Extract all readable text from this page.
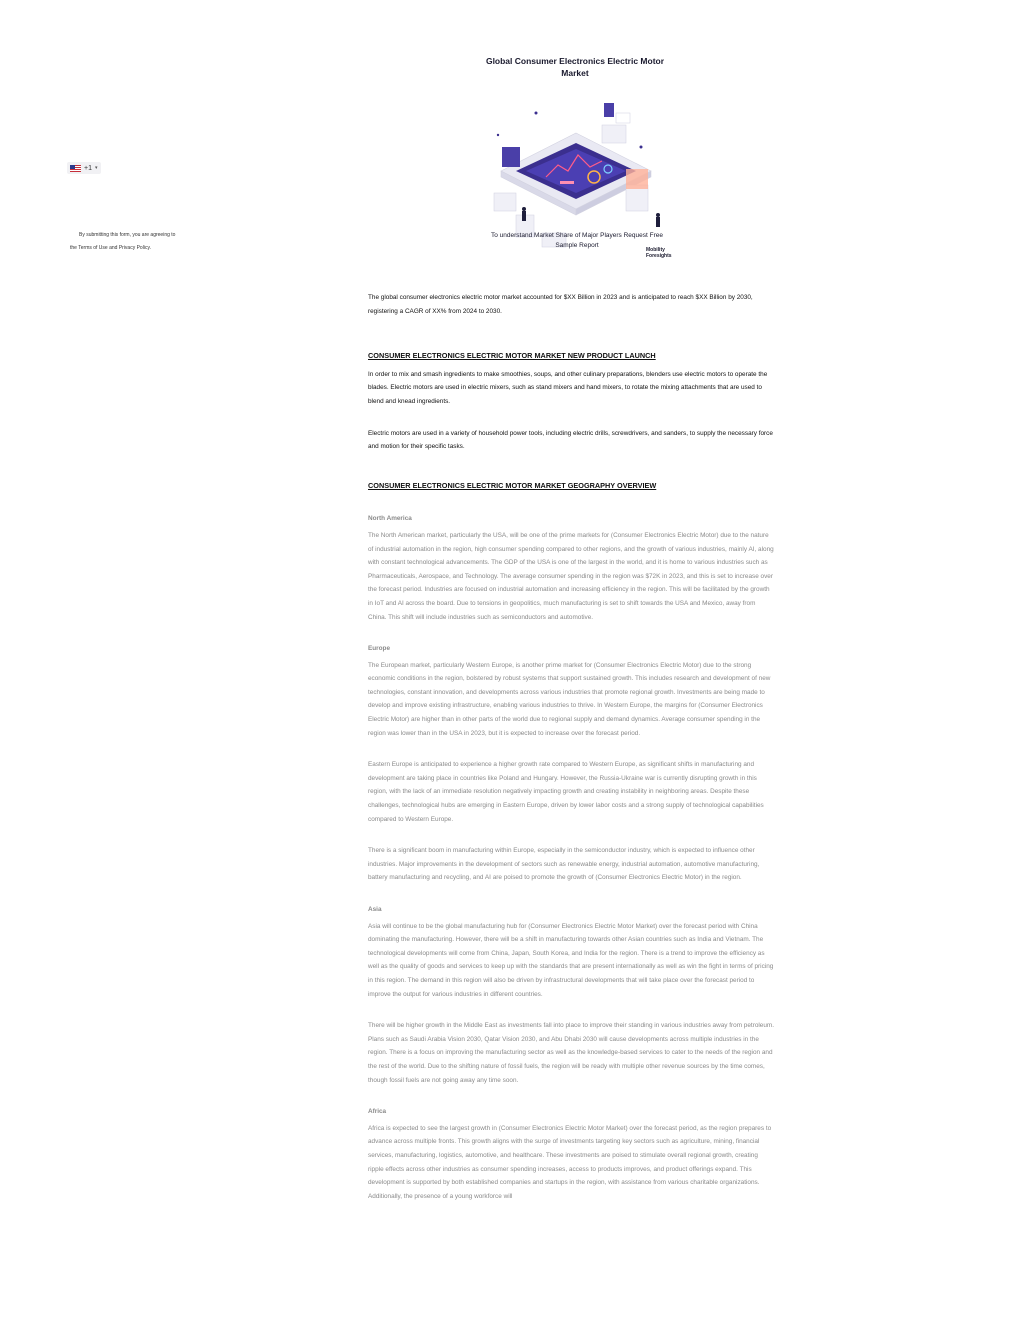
+1 ▾
By submitting this form, you are agreeing to
the Terms of Use and Privacy Policy.

Global Consumer Electronics Electric Motor
Market

To understand Market Share of Major Players Request Free
Sample Report
Mobility
Foresights

The global consumer electronics electric motor market accounted for $XX Billion in 2023 and is anticipated to reach $XX Billion by 2030, registering a CAGR of XX% from 2024 to 2030.

CONSUMER ELECTRONICS ELECTRIC MOTOR MARKET NEW PRODUCT LAUNCH

In order to mix and smash ingredients to make smoothies, soups, and other culinary preparations, blenders use electric motors to operate the blades. Electric motors are used in electric mixers, such as stand mixers and hand mixers, to rotate the mixing attachments that are used to blend and knead ingredients.

Electric motors are used in a variety of household power tools, including electric drills, screwdrivers, and sanders, to supply the necessary force and motion for their specific tasks.

CONSUMER ELECTRONICS ELECTRIC MOTOR MARKET GEOGRAPHY OVERVIEW

North America

The North American market, particularly the USA, will be one of the prime markets for (Consumer Electronics Electric Motor) due to the nature of industrial automation in the region, high consumer spending compared to other regions, and the growth of various industries, mainly AI, along with constant technological advancements. The GDP of the USA is one of the largest in the world, and it is home to various industries such as Pharmaceuticals, Aerospace, and Technology. The average consumer spending in the region was $72K in 2023, and this is set to increase over the forecast period. Industries are focused on industrial automation and increasing efficiency in the region. This will be facilitated by the growth in IoT and AI across the board. Due to tensions in geopolitics, much manufacturing is set to shift towards the USA and Mexico, away from China. This shift will include industries such as semiconductors and automotive.

Europe

The European market, particularly Western Europe, is another prime market for (Consumer Electronics Electric Motor) due to the strong economic conditions in the region, bolstered by robust systems that support sustained growth. This includes research and development of new technologies, constant innovation, and developments across various industries that promote regional growth. Investments are being made to develop and improve existing infrastructure, enabling various industries to thrive. In Western Europe, the margins for (Consumer Electronics Electric Motor) are higher than in other parts of the world due to regional supply and demand dynamics. Average consumer spending in the region was lower than in the USA in 2023, but it is expected to increase over the forecast period.

Eastern Europe is anticipated to experience a higher growth rate compared to Western Europe, as significant shifts in manufacturing and development are taking place in countries like Poland and Hungary. However, the Russia-Ukraine war is currently disrupting growth in this region, with the lack of an immediate resolution negatively impacting growth and creating instability in neighboring areas. Despite these challenges, technological hubs are emerging in Eastern Europe, driven by lower labor costs and a strong supply of technological capabilities compared to Western Europe.

There is a significant boom in manufacturing within Europe, especially in the semiconductor industry, which is expected to influence other industries. Major improvements in the development of sectors such as renewable energy, industrial automation, automotive manufacturing, battery manufacturing and recycling, and AI are poised to promote the growth of (Consumer Electronics Electric Motor) in the region.

Asia

Asia will continue to be the global manufacturing hub for (Consumer Electronics Electric Motor Market) over the forecast period with China dominating the manufacturing. However, there will be a shift in manufacturing towards other Asian countries such as India and Vietnam. The technological developments will come from China, Japan, South Korea, and India for the region. There is a trend to improve the efficiency as well as the quality of goods and services to keep up with the standards that are present internationally as well as win the fight in terms of pricing in this region. The demand in this region will also be driven by infrastructural developments that will take place over the forecast period to improve the output for various industries in different countries.

There will be higher growth in the Middle East as investments fall into place to improve their standing in various industries away from petroleum. Plans such as Saudi Arabia Vision 2030, Qatar Vision 2030, and Abu Dhabi 2030 will cause developments across multiple industries in the region. There is a focus on improving the manufacturing sector as well as the knowledge-based services to cater to the needs of the region and the rest of the world. Due to the shifting nature of fossil fuels, the region will be ready with multiple other revenue sources by the time comes, though fossil fuels are not going away any time soon.

Africa

Africa is expected to see the largest growth in (Consumer Electronics Electric Motor Market) over the forecast period, as the region prepares to advance across multiple fronts. This growth aligns with the surge of investments targeting key sectors such as agriculture, mining, financial services, manufacturing, logistics, automotive, and healthcare. These investments are poised to stimulate overall regional growth, creating ripple effects across other industries as consumer spending increases, access to products improves, and product offerings expand. This development is supported by both established companies and startups in the region, with assistance from various charitable organizations. Additionally, the presence of a young workforce will
